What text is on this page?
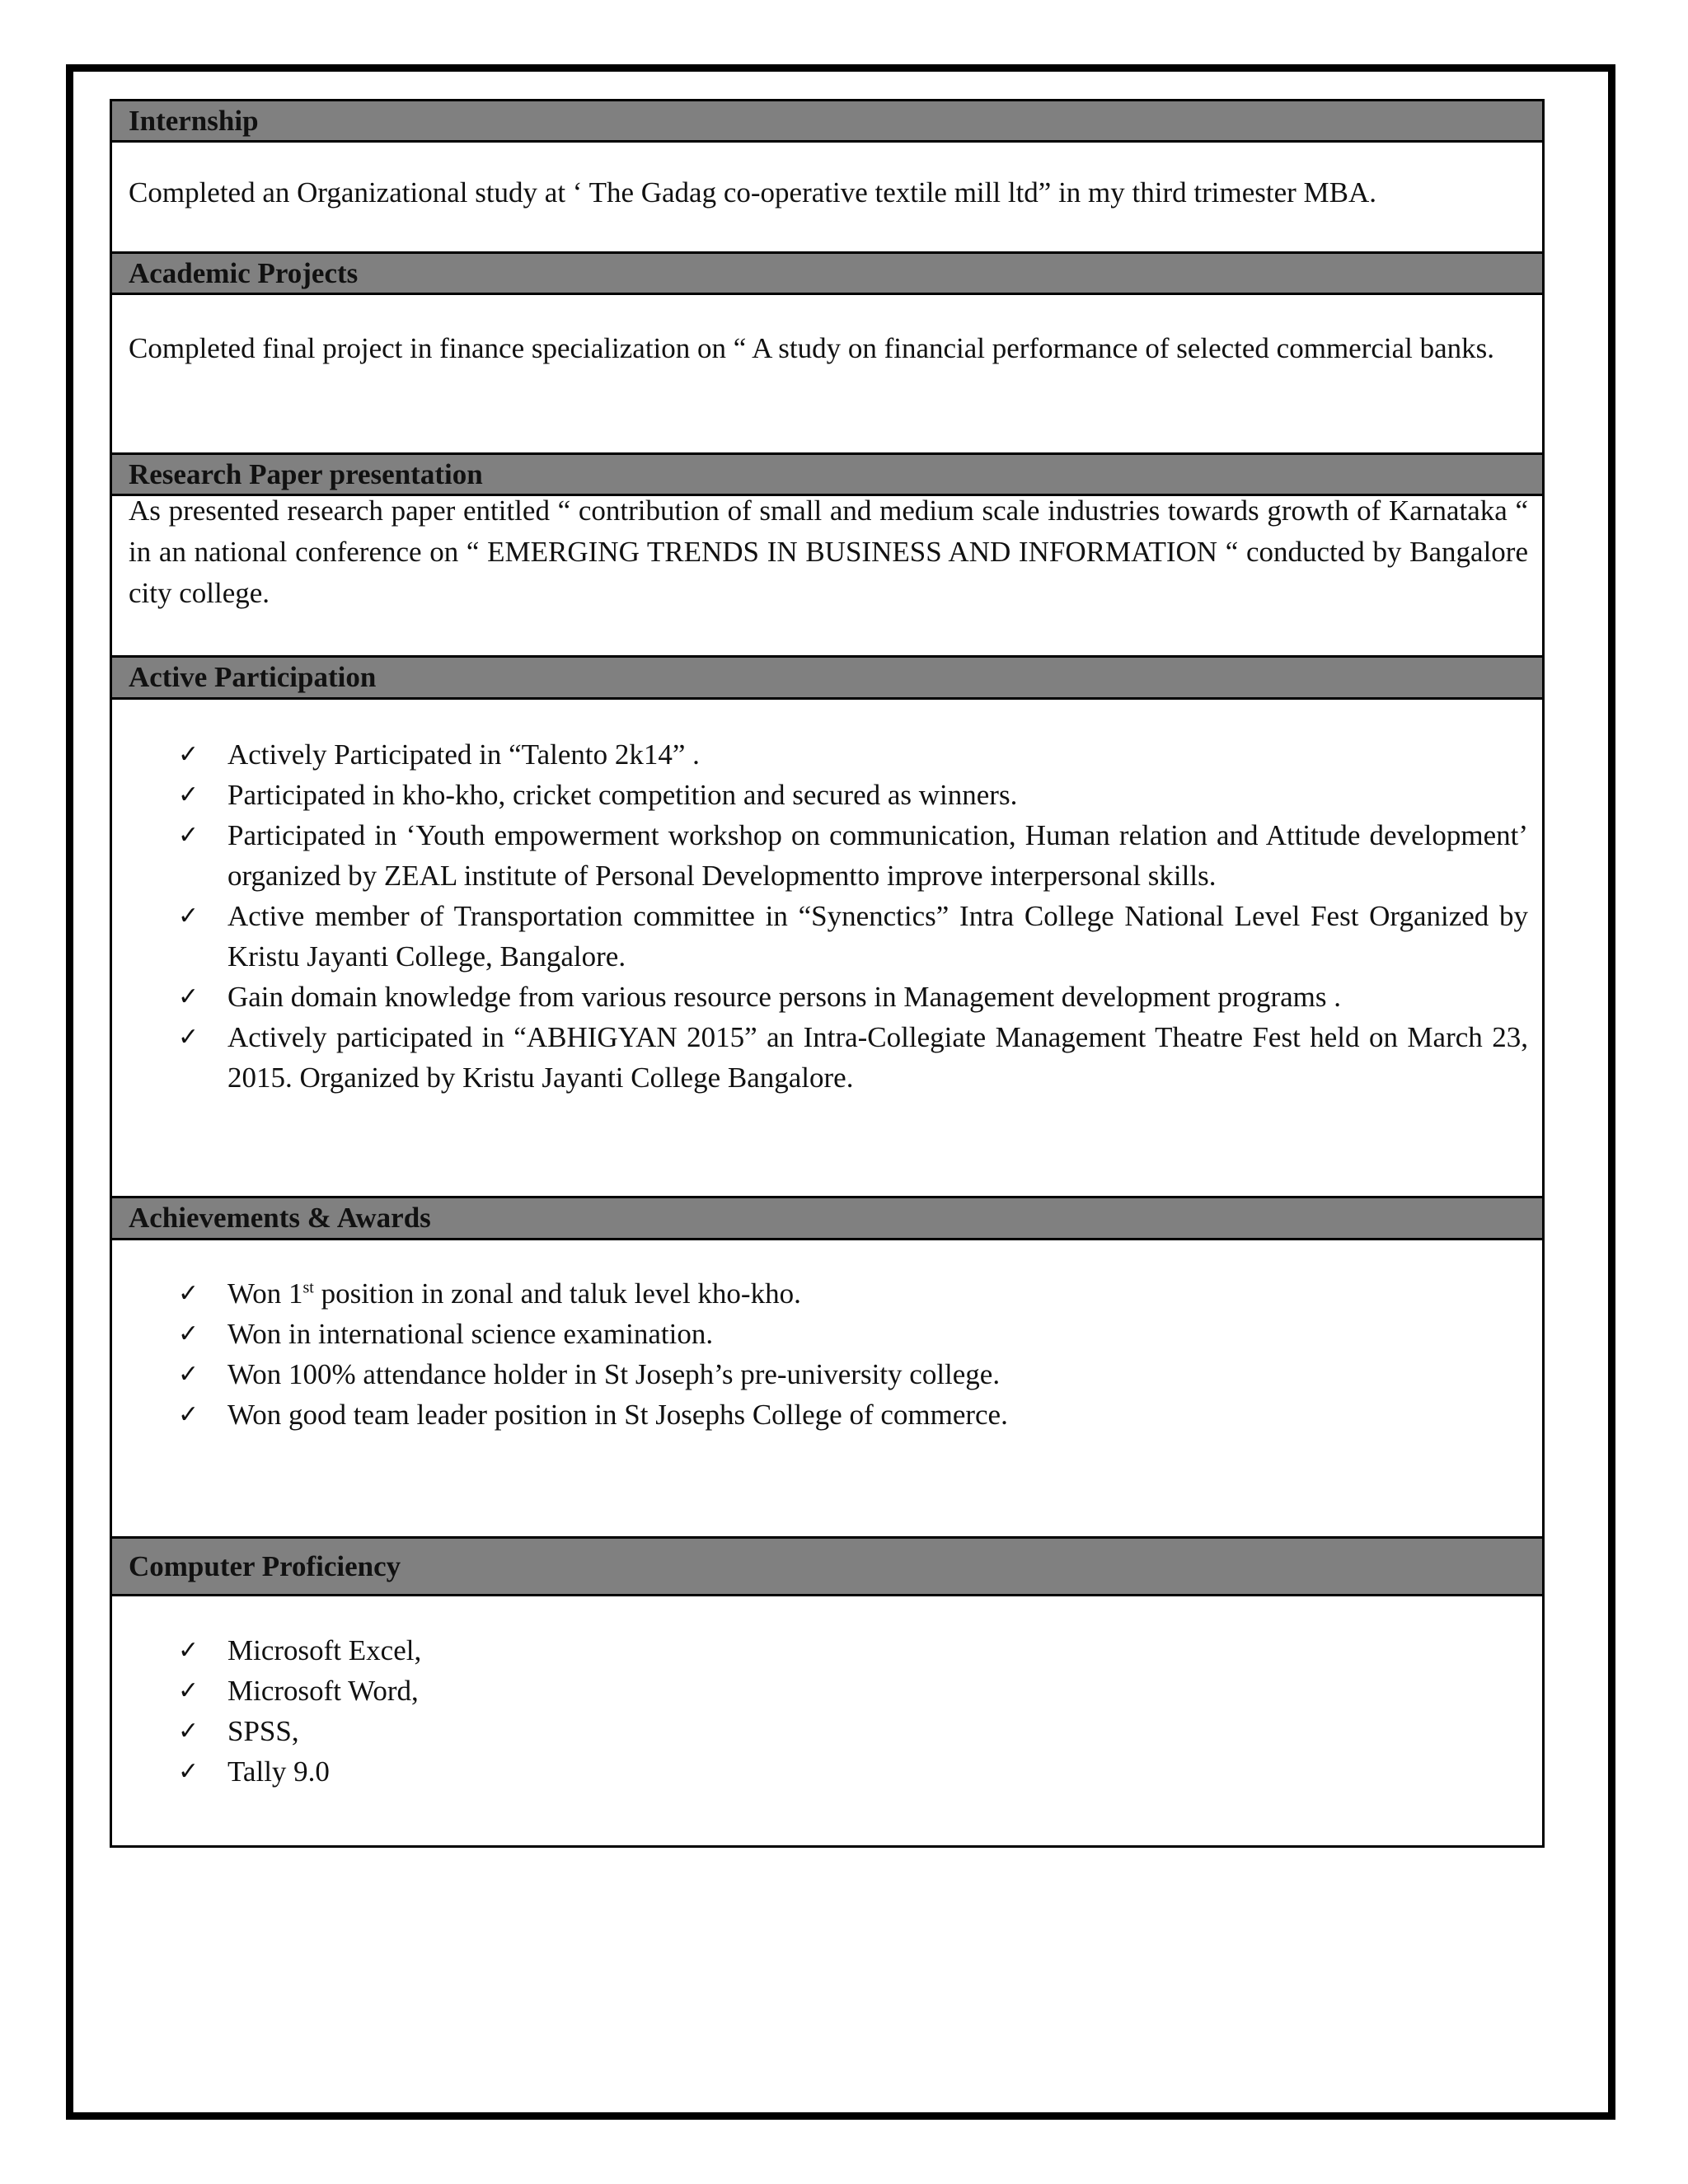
Internship
Completed an Organizational study at ‘ The Gadag co-operative textile mill ltd” in my third trimester MBA.
Academic Projects
Completed final project in finance specialization on “ A study on financial performance of selected commercial banks.
Research Paper presentation
As presented research paper entitled “ contribution of small and medium scale industries towards growth of Karnataka “ in an national conference on “ EMERGING TRENDS IN BUSINESS AND INFORMATION “ conducted by Bangalore city college.
Active Participation
✓ Actively Participated in “Talento 2k14” .
✓ Participated in kho-kho, cricket competition and secured as winners.
✓ Participated in ‘Youth empowerment workshop on communication, Human relation and Attitude development’ organized by ZEAL institute of Personal Developmentto improve interpersonal skills.
✓ Active member of Transportation committee in “Synenctics” Intra College National Level Fest Organized by Kristu Jayanti College, Bangalore.
✓ Gain domain knowledge from various resource persons in Management development programs .
✓ Actively participated in “ABHIGYAN 2015” an Intra-Collegiate Management Theatre Fest held on March 23, 2015. Organized by Kristu Jayanti College Bangalore.
Achievements & Awards
✓ Won 1st position in zonal and taluk level kho-kho.
✓ Won in international science examination.
✓ Won 100% attendance holder in St Joseph’s pre-university college.
✓ Won good team leader position in St Josephs College of commerce.
Computer Proficiency
✓ Microsoft Excel,
✓ Microsoft Word,
✓ SPSS,
✓ Tally 9.0
